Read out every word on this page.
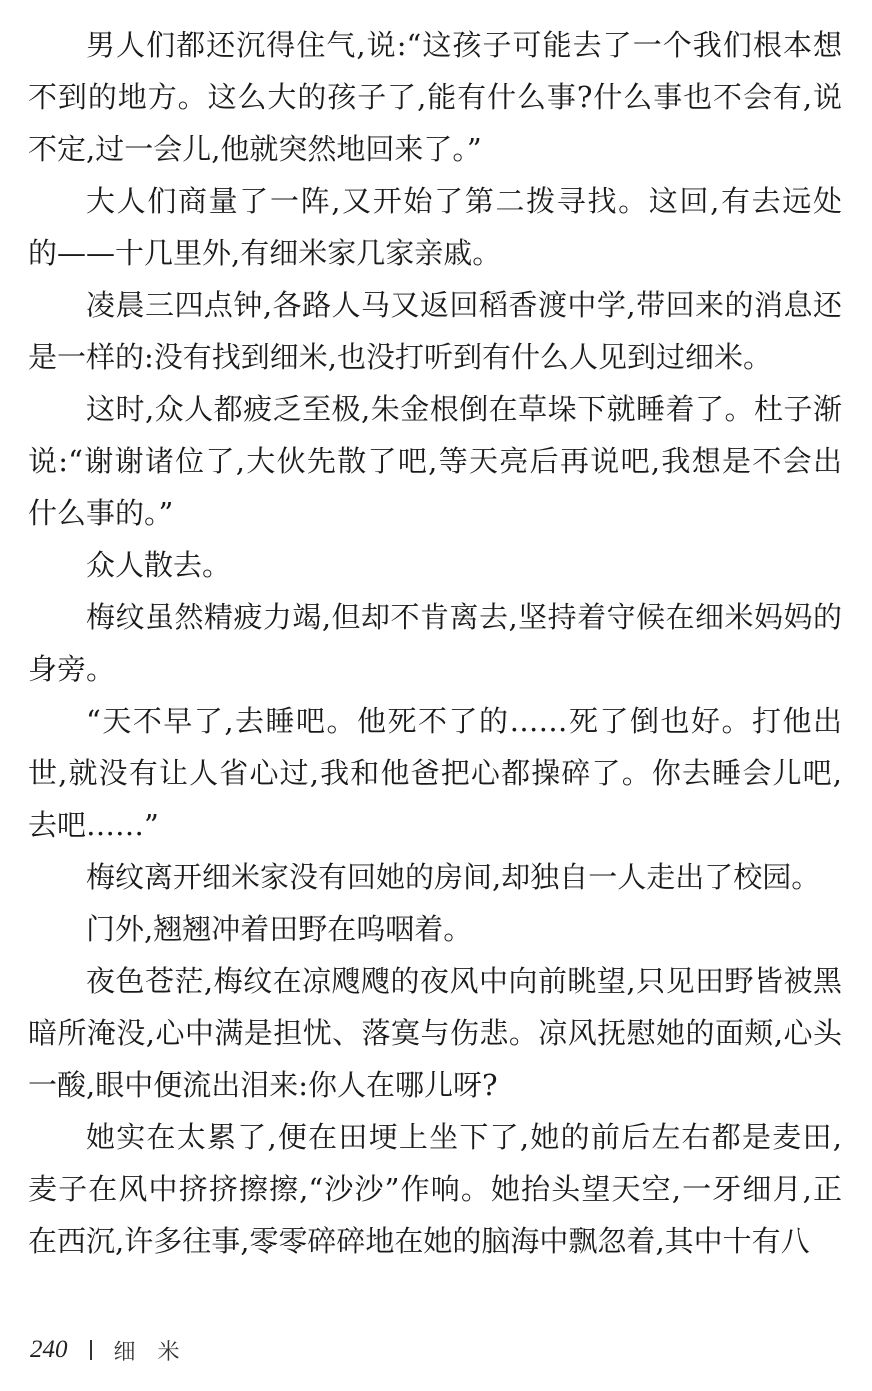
男人们都还沉得住气,说:“这孩子可能去了一个我们根本想
不到的地方。这么大的孩子了,能有什么事?什么事也不会有,说
不定,过一会儿,他就突然地回来了。”
大人们商量了一阵,又开始了第二拨寻找。这回,有去远处
的——十几里外,有细米家几家亲戚。
凌晨三四点钟,各路人马又返回稻香渡中学,带回来的消息还
是一样的:没有找到细米,也没打听到有什么人见到过细米。
这时,众人都疲乏至极,朱金根倒在草垛下就睡着了。杜子渐
说:“谢谢诸位了,大伙先散了吧,等天亮后再说吧,我想是不会出
什么事的。”
众人散去。
梅纹虽然精疲力竭,但却不肯离去,坚持着守候在细米妈妈的
身旁。
“天不早了,去睡吧。他死不了的……死了倒也好。打他出
世,就没有让人省心过,我和他爸把心都操碎了。你去睡会儿吧,
去吧……”
梅纹离开细米家没有回她的房间,却独自一人走出了校园。
门外,翘翘冲着田野在呜咽着。
夜色苍茫,梅纹在凉飕飕的夜风中向前眺望,只见田野皆被黑
暗所淹没,心中满是担忧、落寞与伤悲。凉风抚慰她的面颊,心头
一酸,眼中便流出泪来:你人在哪儿呀?
她实在太累了,便在田埂上坐下了,她的前后左右都是麦田,
麦子在风中挤挤擦擦,“沙沙”作响。她抬头望天空,一牙细月,正
在西沉,许多往事,零零碎碎地在她的脑海中飘忽着,其中十有八
240 细米
